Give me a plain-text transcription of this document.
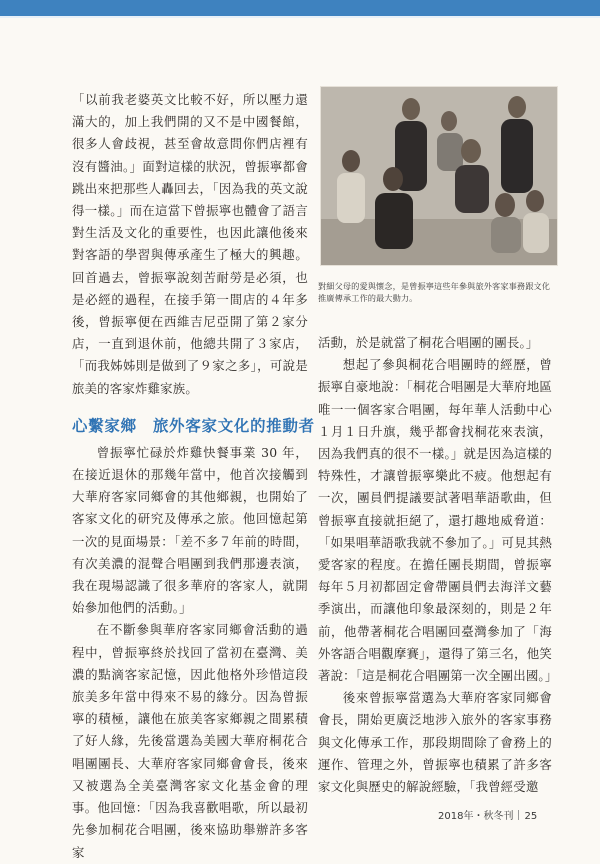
「以前我老婆英文比較不好，所以壓力還滿大的，加上我們開的又不是中國餐館，很多人會歧視，甚至會故意問你們店裡有沒有醬油。」面對這樣的狀況，曾振寧都會跳出來把那些人轟回去，「因為我的英文說得一樣。」而在這當下曾振寧也體會了語言對生活及文化的重要性，也因此讓他後來對客語的學習與傳承產生了極大的興趣。回首過去，曾振寧說刻苦耐勞是必須，也是必經的過程，在接手第一間店的４年多後，曾振寧便在西維吉尼亞開了第２家分店，一直到退休前，他總共開了３家店，「而我姊姊則是做到了９家之多」，可說是旅美的客家炸雞家族。

心繫家鄉　旅外客家文化的推動者

曾振寧忙碌於炸雞快餐事業 30 年，在接近退休的那幾年當中，他首次接觸到大華府客家同鄉會的其他鄉親，也開始了客家文化的研究及傳承之旅。他回憶起第一次的見面場景：「差不多７年前的時間，有次美濃的混聲合唱團到我們那邊表演，我在現場認識了很多華府的客家人，就開始參加他們的活動。」

在不斷參與華府客家同鄉會活動的過程中，曾振寧終於找回了當初在臺灣、美濃的點滴客家記憶，因此他格外珍惜這段旅美多年當中得來不易的緣分。因為曾振寧的積極，讓他在旅美客家鄉親之間累積了好人緣，先後當選為美國大華府桐花合唱團團長、大華府客家同鄉會會長，後來又被選為全美臺灣客家文化基金會的理事。他回憶：「因為我喜歡唱歌，所以最初先參加桐花合唱團，後來協助舉辦許多客家

對細父母的愛與懷念，是曾振寧這些年參與旅外客家事務跟文化推廣傳承工作的最大動力。

活動，於是就當了桐花合唱團的團長。」

想起了參與桐花合唱團時的經歷，曾振寧自豪地說：「桐花合唱團是大華府地區唯一一個客家合唱團，每年華人活動中心１月１日升旗，幾乎都會找桐花來表演，因為我們真的很不一樣。」就是因為這樣的特殊性，才讓曾振寧樂此不疲。他想起有一次，團員們提議要試著唱華語歌曲，但曾振寧直接就拒絕了，還打趣地威脅道：「如果唱華語歌我就不參加了。」可見其熱愛客家的程度。在擔任團長期間，曾振寧每年５月初都固定會帶團員們去海洋文藝季演出，而讓他印象最深刻的，則是２年前，他帶著桐花合唱團回臺灣參加了「海外客語合唱觀摩賽」，還得了第三名，他笑著說：「這是桐花合唱團第一次全團出國。」

後來曾振寧當選為大華府客家同鄉會會長，開始更廣泛地涉入旅外的客家事務與文化傳承工作，那段期間除了會務上的運作、管理之外，曾振寧也積累了許多客家文化與歷史的解說經驗，「我曾經受邀

2018年・秋冬刊 25
